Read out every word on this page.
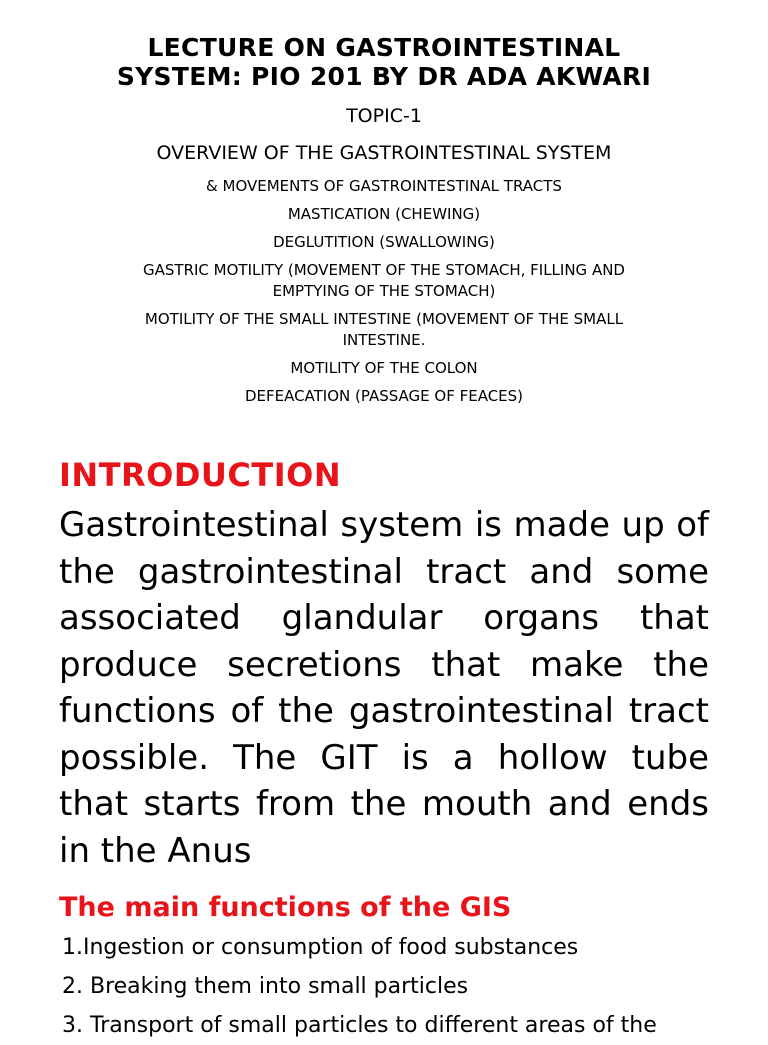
LECTURE ON GASTROINTESTINAL
SYSTEM: PIO 201 BY DR ADA AKWARI
TOPIC-1
OVERVIEW OF THE GASTROINTESTINAL SYSTEM
& MOVEMENTS OF GASTROINTESTINAL TRACTS
MASTICATION (CHEWING)
DEGLUTITION (SWALLOWING)
GASTRIC MOTILITY (MOVEMENT OF THE STOMACH, FILLING AND EMPTYING OF THE STOMACH)
MOTILITY OF THE SMALL INTESTINE (MOVEMENT OF THE SMALL INTESTINE.
MOTILITY OF THE COLON
DEFEACATION (PASSAGE OF FEACES)
INTRODUCTION
Gastrointestinal system is made up of the gastrointestinal tract and some associated glandular organs that produce secretions that make the functions of the gastrointestinal tract possible. The GIT is a hollow tube that starts from the mouth and ends in the Anus
The main functions of the GIS
1.Ingestion or consumption of food substances
2. Breaking them into small particles
3. Transport of small particles to different areas of the
